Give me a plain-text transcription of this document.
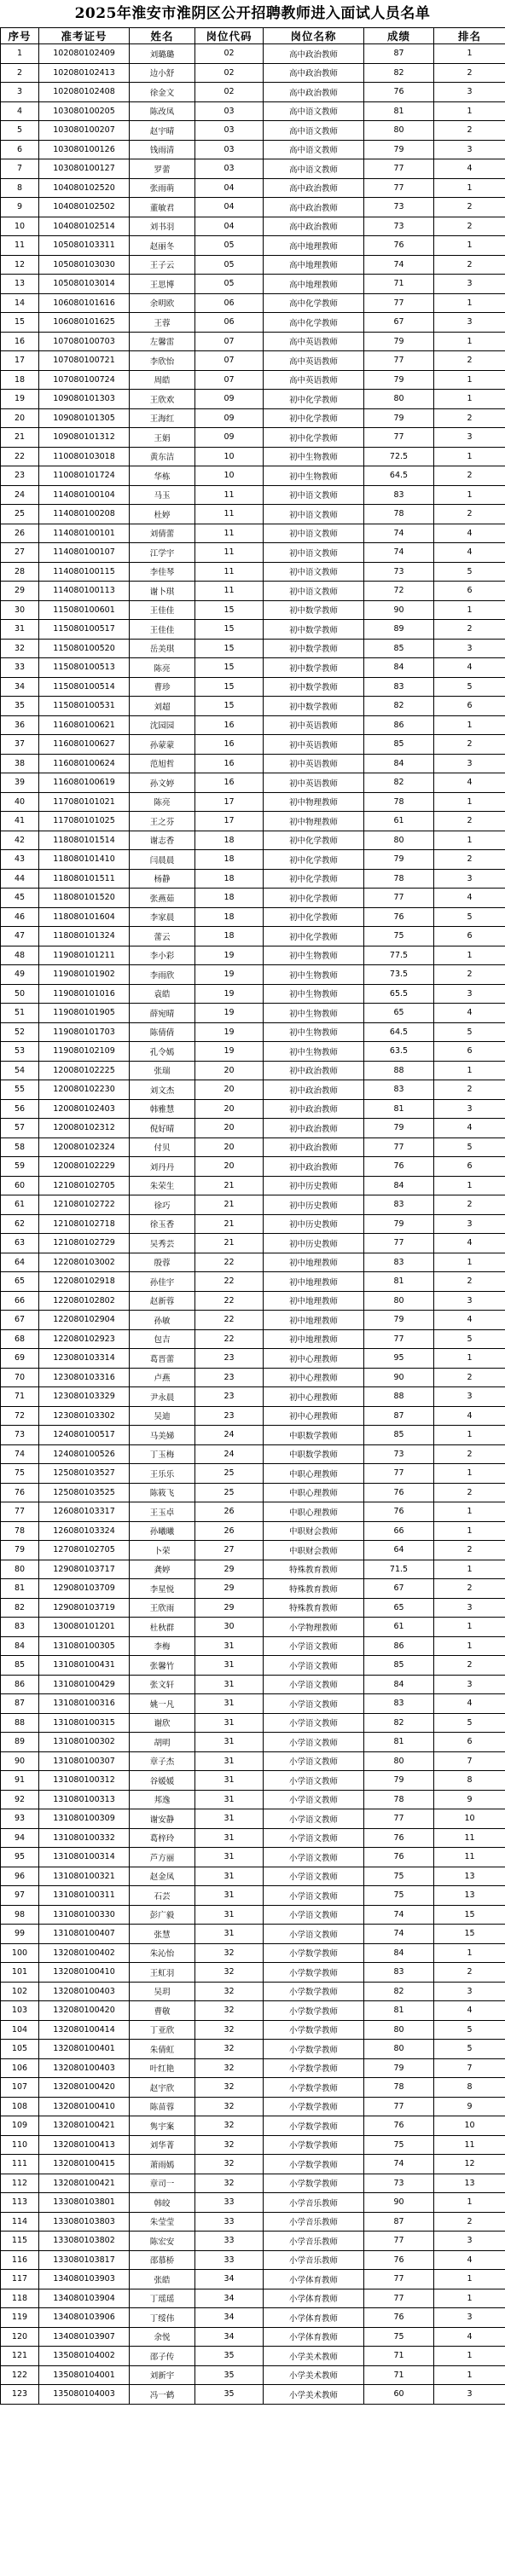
2025年淮安市淮阴区公开招聘教师进入面试人员名单
序号	准考证号	姓名	岗位代码	岗位名称	成绩	排名
1	10208010240​9	刘璐璐	02	高中政治教师	87	1
2	102080102413	边小舒	02	高中政治教师	82	2
3	102080102408	徐金文	02	高中政治教师	76	3
4	103080100205	陈改凤	03	高中语文教师	81	1
5	103080100207	赵宇晴	03	高中语文教师	80	2
6	103080100126	钱雨清	03	高中语文教师	79	3
7	103080100127	罗蕾	03	高中语文教师	77	4
8	104080102520	张雨萌	04	高中政治教师	77	1
9	104080102502	董敏君	04	高中政治教师	73	2
10	104080102514	刘书羽	04	高中政治教师	73	2
11	105080103311	赵丽冬	05	高中地理教师	76	1
12	105080103030	王子云	05	高中地理教师	74	2
13	105080103014	王思博	05	高中地理教师	71	3
14	106080101616	余明欧	06	高中化学教师	77	1
15	106080101625	王蓉	06	高中化学教师	67	3
16	107080100703	左馨雷	07	高中英语教师	79	1
17	107080100721	李欣怡	07	高中英语教师	77	2
18	107080100724	周皓	07	高中英语教师	79	1
19	109080101303	王欣欢	09	初中化学教师	80	1
20	109080101305	王海红	09	初中化学教师	79	2
21	109080101312	王娟	09	初中化学教师	77	3
22	110080103018	黄东洁	10	初中生物教师	72.5	1
23	110080101724	华栋	10	初中生物教师	64.5	2
24	114080100104	马玉	11	初中语文教师	83	1
25	114080100208	杜婷	11	初中语文教师	78	2
26	114080100101	刘倩蕾	11	初中语文教师	74	4
27	114080100107	江学宇	11	初中语文教师	74	4
28	114080100115	李佳琴	11	初中语文教师	73	5
29	114080100113	谢卜琪	11	初中语文教师	72	6
30	115080100601	王佳佳	15	初中数学教师	90	1
31	115080100517	王佳佳	15	初中数学教师	89	2
32	115080100520	岳美琪	15	初中数学教师	85	3
33	115080100513	陈亮	15	初中数学教师	84	4
34	115080100514	曹珍	15	初中数学教师	83	5
35	115080100531	刘超	15	初中数学教师	82	6
36	116080100621	沈园园	16	初中英语教师	86	1
37	116080100627	孙蒙蒙	16	初中英语教师	85	2
38	116080100624	范旭哲	16	初中英语教师	84	3
39	116080100619	孙文婷	16	初中英语教师	82	4
40	117080101021	陈亮	17	初中物理教师	78	1
41	117080101025	王之芬	17	初中物理教师	61	2
42	118080101514	谢志香	18	初中化学教师	80	1
43	118080101410	闫晨晨	18	初中化学教师	79	2
44	118080101511	杨静	18	初中化学教师	78	3
45	118080101520	张燕茹	18	初中化学教师	77	4
46	118080101604	李家晨	18	初中化学教师	76	5
47	118080101324	蕾云	18	初中化学教师	75	6
48	119080101211	李小彩	19	初中生物教师	77.5	1
49	119080101902	李雨欣	19	初中生物教师	73.5	2
50	119080101016	袁皓	19	初中生物教师	65.5	3
51	119080101905	薛宛晴	19	初中生物教师	65	4
52	119080101703	陈倩倩	19	初中生物教师	64.5	5
53	119080102109	孔令嫣	19	初中生物教师	63.5	6
54	120080102225	张瑞	20	初中政治教师	88	1
55	120080102230	刘文杰	20	初中政治教师	83	2
56	120080102403	韩雅慧	20	初中政治教师	81	3
57	120080102312	倪好晴	20	初中政治教师	79	4
58	120080102324	付贝	20	初中政治教师	77	5
59	120080102229	刘丹丹	20	初中政治教师	76	6
60	121080102705	朱荣生	21	初中历史教师	84	1
61	121080102722	徐巧	21	初中历史教师	83	2
62	121080102718	徐玉香	21	初中历史教师	79	3
63	121080102729	吴秀芸	21	初中历史教师	77	4
64	122080103002	殷蓉	22	初中地理教师	83	1
65	122080102918	孙佳宇	22	初中地理教师	81	2
66	122080102802	赵新蓉	22	初中地理教师	80	3
67	122080102904	孙敏	22	初中地理教师	79	4
68	122080102923	包吉	22	初中地理教师	77	5
69	123080103314	葛晋蕾	23	初中心理教师	95	1
70	123080103316	卢燕	23	初中心理教师	90	2
71	123080103329	尹永晨	23	初中心理教师	88	3
72	123080103302	吴迪	23	初中心理教师	87	4
73	124080100517	马美娣	24	中职数学教师	85	1
74	124080100526	丁玉梅	24	中职数学教师	73	2
75	125080103527	王乐乐	25	中职心理教师	77	1
76	125080103525	陈筱飞	25	中职心理教师	76	2
77	126080103317	王玉卓	26	中职心理教师	76	1
78	126080103324	孙曦曦	26	中职财会教师	66	1
79	127080102705	卜荣	27	中职财会教师	64	2
80	129080103717	龚婷	29	特殊教育教师	71.5	1
81	129080103709	李星悦	29	特殊教育教师	67	2
82	129080103719	王欣雨	29	特殊教育教师	65	3
83	130080101201	杜秋群	30	小学物理教师	61	1
84	131080100305	李梅	31	小学语文教师	86	1
85	131080100431	张馨竹	31	小学语文教师	85	2
86	131080100429	张文轩	31	小学语文教师	84	3
87	131080100316	姚一凡	31	小学语文教师	83	4
88	131080100315	谢欣	31	小学语文教师	82	5
89	131080100302	胡明	31	小学语文教师	81	6
90	131080100307	章子杰	31	小学语文教师	80	7
91	131080100312	谷媛媛	31	小学语文教师	79	8
92	131080100313	邦逸	31	小学语文教师	78	9
93	131080100309	谢安静	31	小学语文教师	77	10
94	131080100332	葛梓玲	31	小学语文教师	76	11
95	131080100314	芦方丽	31	小学语文教师	76	11
96	131080100321	赵金凤	31	小学语文教师	75	13
97	131080100311	石芸	31	小学语文教师	75	13
98	131080100330	彭广毅	31	小学语文教师	74	15
99	131080100407	张慧	31	小学语文教师	74	15
100	132080100402	朱沁怡	32	小学数学教师	84	1
101	132080100410	王虹羽	32	小学数学教师	83	2
102	132080100403	吴玥	32	小学数学教师	82	3
103	132080100420	曹敬	32	小学数学教师	81	4
104	132080100414	丁亚欣	32	小学数学教师	80	5
105	132080100401	朱倩虹	32	小学数学教师	80	5
106	132080100403	叶红艳	32	小学数学教师	79	7
107	132080100420	赵宇欣	32	小学数学教师	78	8
108	132080100410	陈苗蓉	32	小学数学教师	77	9
109	132080100421	隽宇案	32	小学数学教师	76	10
110	132080100413	刘华菁	32	小学数学教师	75	11
111	132080100415	萧雨嫣	32	小学数学教师	74	12
112	132080100421	章司一	32	小学数学教师	73	13
113	133080103801	韩皎	33	小学音乐教师	90	1
114	133080103803	朱莹莹	33	小学音乐教师	87	2
115	133080103802	陈宏安	33	小学音乐教师	77	3
116	133080103817	邵慕桥	33	小学音乐教师	76	4
117	134080103903	张皓	34	小学体育教师	77	1
118	134080103904	丁瑶瑶	34	小学体育教师	77	1
119	134080103906	丁绥伟	34	小学体育教师	76	3
120	134080103907	余悦	34	小学体育教师	75	4
121	135080104002	邵子传	35	小学美术教师	71	1
122	135080104001	刘新宇	35	小学美术教师	71	1
123	135080104003	冯一鹤	35	小学美术教师	60	3
